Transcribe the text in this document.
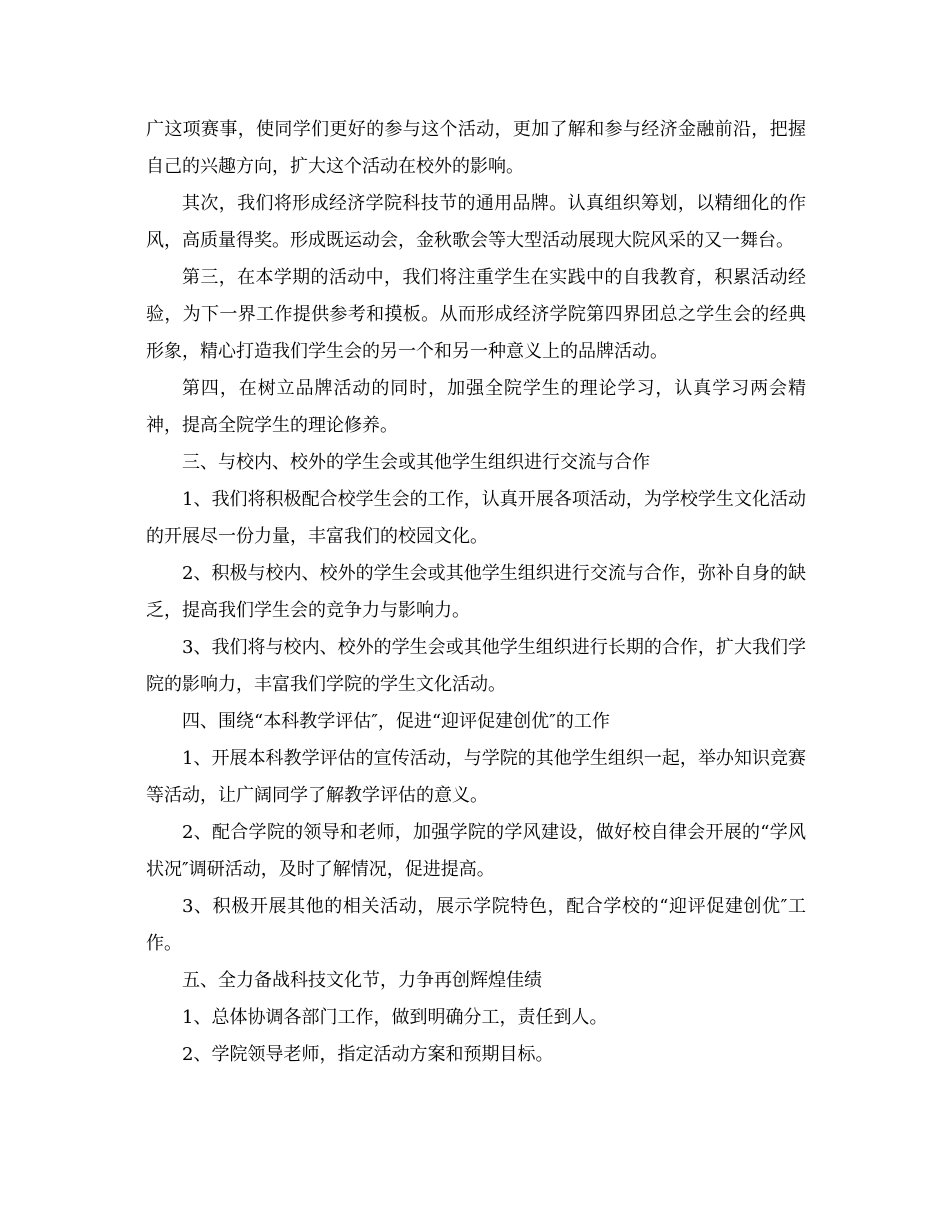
广这项赛事，使同学们更好的参与这个活动，更加了解和参与经济金融前沿，把握自己的兴趣方向，扩大这个活动在校外的影响。

其次，我们将形成经济学院科技节的通用品牌。认真组织筹划，以精细化的作风，高质量得奖。形成既运动会，金秋歌会等大型活动展现大院风采的又一舞台。

第三，在本学期的活动中，我们将注重学生在实践中的自我教育，积累活动经验，为下一界工作提供参考和摸板。从而形成经济学院第四界团总之学生会的经典形象，精心打造我们学生会的另一个和另一种意义上的品牌活动。

第四，在树立品牌活动的同时，加强全院学生的理论学习，认真学习两会精神，提高全院学生的理论修养。

三、与校内、校外的学生会或其他学生组织进行交流与合作

1、我们将积极配合校学生会的工作，认真开展各项活动，为学校学生文化活动的开展尽一份力量，丰富我们的校园文化。

2、积极与校内、校外的学生会或其他学生组织进行交流与合作，弥补自身的缺乏，提高我们学生会的竞争力与影响力。

3、我们将与校内、校外的学生会或其他学生组织进行长期的合作，扩大我们学院的影响力，丰富我们学院的学生文化活动。

四、围绕“本科教学评估″，促进“迎评促建创优″的工作

1、开展本科教学评估的宣传活动，与学院的其他学生组织一起，举办知识竞赛等活动，让广阔同学了解教学评估的意义。

2、配合学院的领导和老师，加强学院的学风建设，做好校自律会开展的“学风状况″调研活动，及时了解情况，促进提高。

3、积极开展其他的相关活动，展示学院特色，配合学校的“迎评促建创优″工作。

五、全力备战科技文化节，力争再创辉煌佳绩

1、总体协调各部门工作，做到明确分工，责任到人。

2、学院领导老师，指定活动方案和预期目标。
